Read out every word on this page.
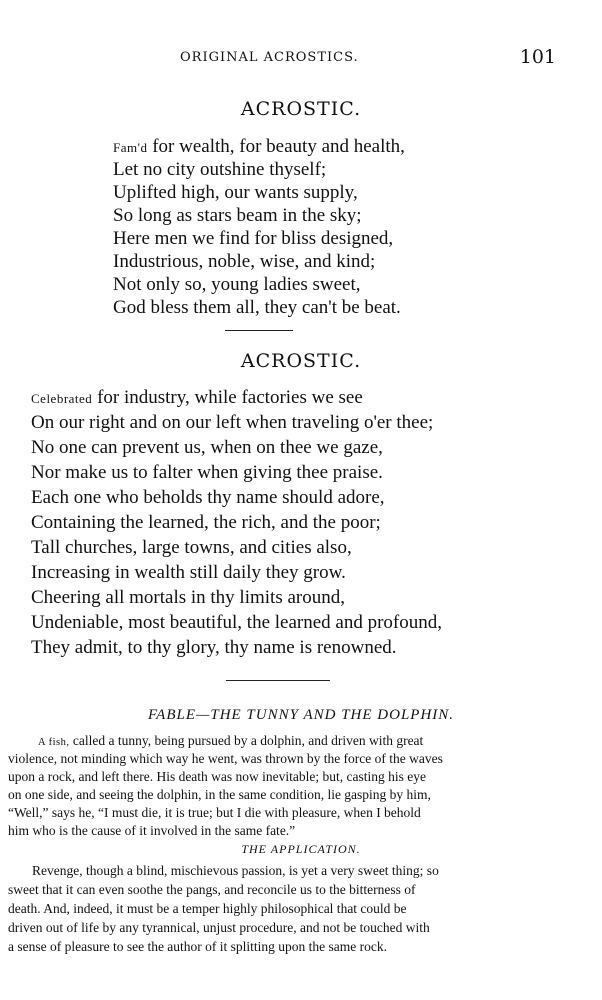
ORIGINAL ACROSTICS.	101
ACROSTIC.
Fam'd for wealth, for beauty and health,
Let no city outshine thyself;
Uplifted high, our wants supply,
So long as stars beam in the sky;
Here men we find for bliss designed,
Industrious, noble, wise, and kind;
Not only so, young ladies sweet,
God bless them all, they can't be beat.
ACROSTIC.
Celebrated for industry, while factories we see
On our right and on our left when traveling o'er thee;
No one can prevent us, when on thee we gaze,
Nor make us to falter when giving thee praise.
Each one who beholds thy name should adore,
Containing the learned, the rich, and the poor;
Tall churches, large towns, and cities also,
Increasing in wealth still daily they grow.
Cheering all mortals in thy limits around,
Undeniable, most beautiful, the learned and profound,
They admit, to thy glory, thy name is renowned.
FABLE—THE TUNNY AND THE DOLPHIN.
A fish, called a tunny, being pursued by a dolphin, and driven with great
violence, not minding which way he went, was thrown by the force of the waves
upon a rock, and left there. His death was now inevitable; but, casting his eye
on one side, and seeing the dolphin, in the same condition, lie gasping by him,
“Well,” says he, “I must die, it is true; but I die with pleasure, when I behold
him who is the cause of it involved in the same fate.”
THE APPLICATION.
Revenge, though a blind, mischievous passion, is yet a very sweet thing; so
sweet that it can even soothe the pangs, and reconcile us to the bitterness of
death. And, indeed, it must be a temper highly philosophical that could be
driven out of life by any tyrannical, unjust procedure, and not be touched with
a sense of pleasure to see the author of it splitting upon the same rock.
